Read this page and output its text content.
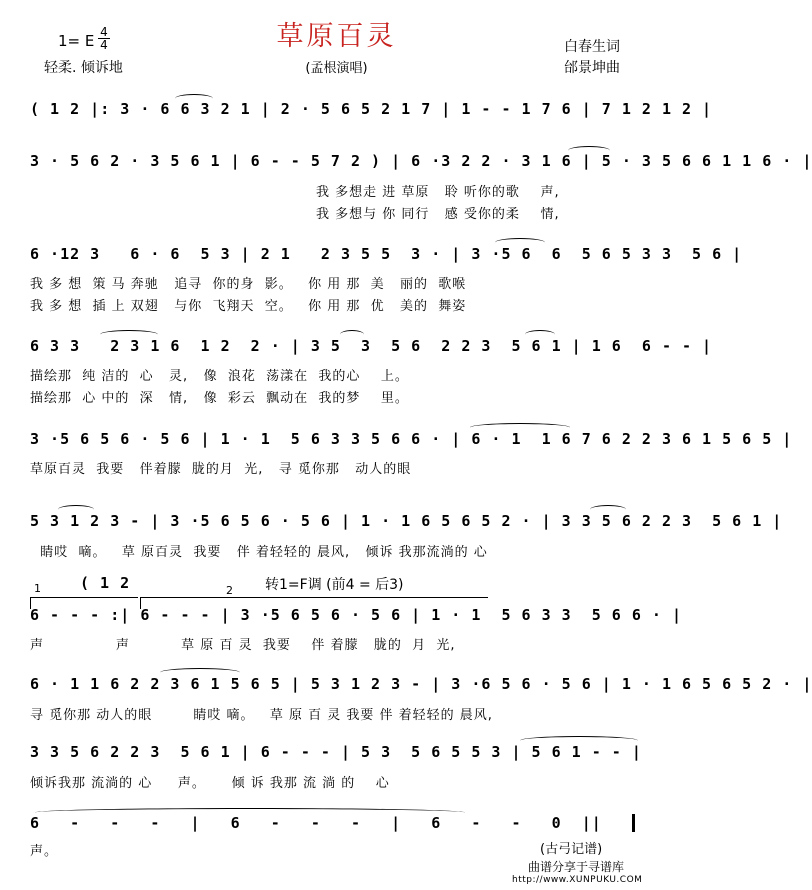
草原百灵
1= E $\frac{4}{4}$
轻柔. 倾诉地	(孟根演唱)
白春生词
邰景坤曲
( 1 2 |: 3 · 6 6 3 2 1 | 2 · 5 6 5 2 1 7 | 1 - - 1 7 6 | 7 1 2 1 2 |
3 · 5 6 2 · 3 5 6 1 | 6 - - 5 7 2 ) | 6 ·3 2 2 · 3 1 6 | 5 · 3 5 6 6 1 1 6 · |
我 多想走 进 草原   聆 听你的歌    声,
我 多想与 你 同行   感 受你的柔    情,
6 ·12 3   6 · 6  5 3 | 2 1   2 3 5 5  3 · | 3 ·5 6  6  5 6 5 3 3  5 6 |
我 多 想  策 马 奔驰   追寻  你的身  影。   你 用 那  美   丽的  歌喉
我 多 想  插 上 双翅   与你  飞翔天  空。   你 用 那  优   美的  舞姿
6 3 3   2 3 1 6  1 2  2 · | 3 5  3  5 6  2 2 3  5 6 1 | 1 6  6 - - |
描绘那  纯 洁的  心   灵,   像  浪花  荡漾在  我的心    上。
描绘那  心 中的  深   情,   像  彩云  飘动在  我的梦    里。
3 ·5 6 5 6 · 5 6 | 1 · 1  5 6 3 3 5 6 6 · | 6 · 1  1 6 7 6 2 2 3 6 1 5 6 5 |
草原百灵  我要   伴着朦  胧的月  光,   寻 觅你那   动人的眼
5 3 1 2 3 - | 3 ·5 6 5 6 · 5 6 | 1 · 1 6 5 6 5 2 · | 3 3 5 6 2 2 3  5 6 1 |
睛哎  嘀。   草 原百灵  我要   伴 着轻轻的 晨风,   倾诉 我那流淌的 心
1	( 1 2	2 转1=F调 (前4 = 后3)
6 - - - :| 6 - - - | 3 ·5 6 5 6 · 5 6 | 1 · 1  5 6 3 3  5 6 6 · |
声              声          草 原 百 灵  我要    伴 着朦   胧的  月  光,
6 · 1 1 6 2 2 3 6 1 5 6 5 | 5 3 1 2 3 - | 3 ·6 5 6 · 5 6 | 1 · 1 6 5 6 5 2 · |
寻 觅你那 动人的眼        睛哎 嘀。   草 原 百 灵 我要 伴 着轻轻的 晨风,
3 3 5 6 2 2 3  5 6 1 | 6 - - - | 5 3  5 6 5 5 3 | 5 6 1 - - |
倾诉我那 流淌的 心     声。     倾 诉 我那 流 淌 的    心
6   -   -   -   |   6   -   -   -   |   6   -   -   0  ||
声。	(古弓记谱)
曲谱分享于寻谱库
http://www.XUNPUKU.COM
